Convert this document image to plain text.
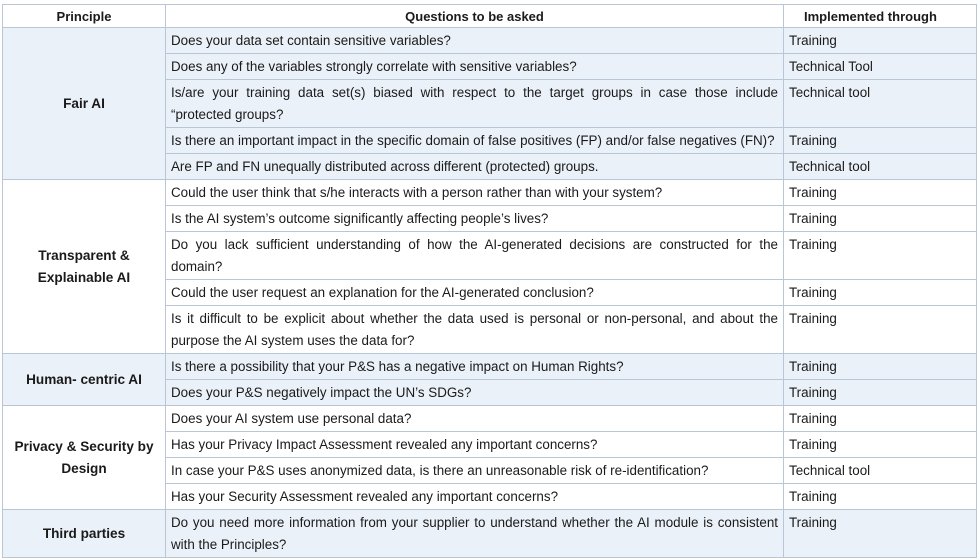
Principle	Questions to be asked	Implemented through
Fair AI	Does your data set contain sensitive variables?	Training
	Does any of the variables strongly correlate with sensitive variables?	Technical Tool
	Is/are your training data set(s) biased with respect to the target groups in case those include “protected groups?	Technical tool
	Is there an important impact in the specific domain of false positives (FP) and/or false negatives (FN)?	Training
	Are FP and FN unequally distributed across different (protected) groups.	Technical tool
Transparent & Explainable AI	Could the user think that s/he interacts with a person rather than with your system?	Training
	Is the AI system’s outcome significantly affecting people’s lives?	Training
	Do you lack sufficient understanding of how the AI-generated decisions are constructed for the domain?	Training
	Could the user request an explanation for the AI-generated conclusion?	Training
	Is it difficult to be explicit about whether the data used is personal or non-personal, and about the purpose the AI system uses the data for?	Training
Human- centric AI	Is there a possibility that your P&S has a negative impact on Human Rights?	Training
	Does your P&S negatively impact the UN’s SDGs?	Training
Privacy & Security by Design	Does your AI system use personal data?	Training
	Has your Privacy Impact Assessment revealed any important concerns?	Training
	In case your P&S uses anonymized data, is there an unreasonable risk of re-identification?	Technical tool
	Has your Security Assessment revealed any important concerns?	Training
Third parties	Do you need more information from your supplier to understand whether the AI module is consistent with the Principles?	Training
